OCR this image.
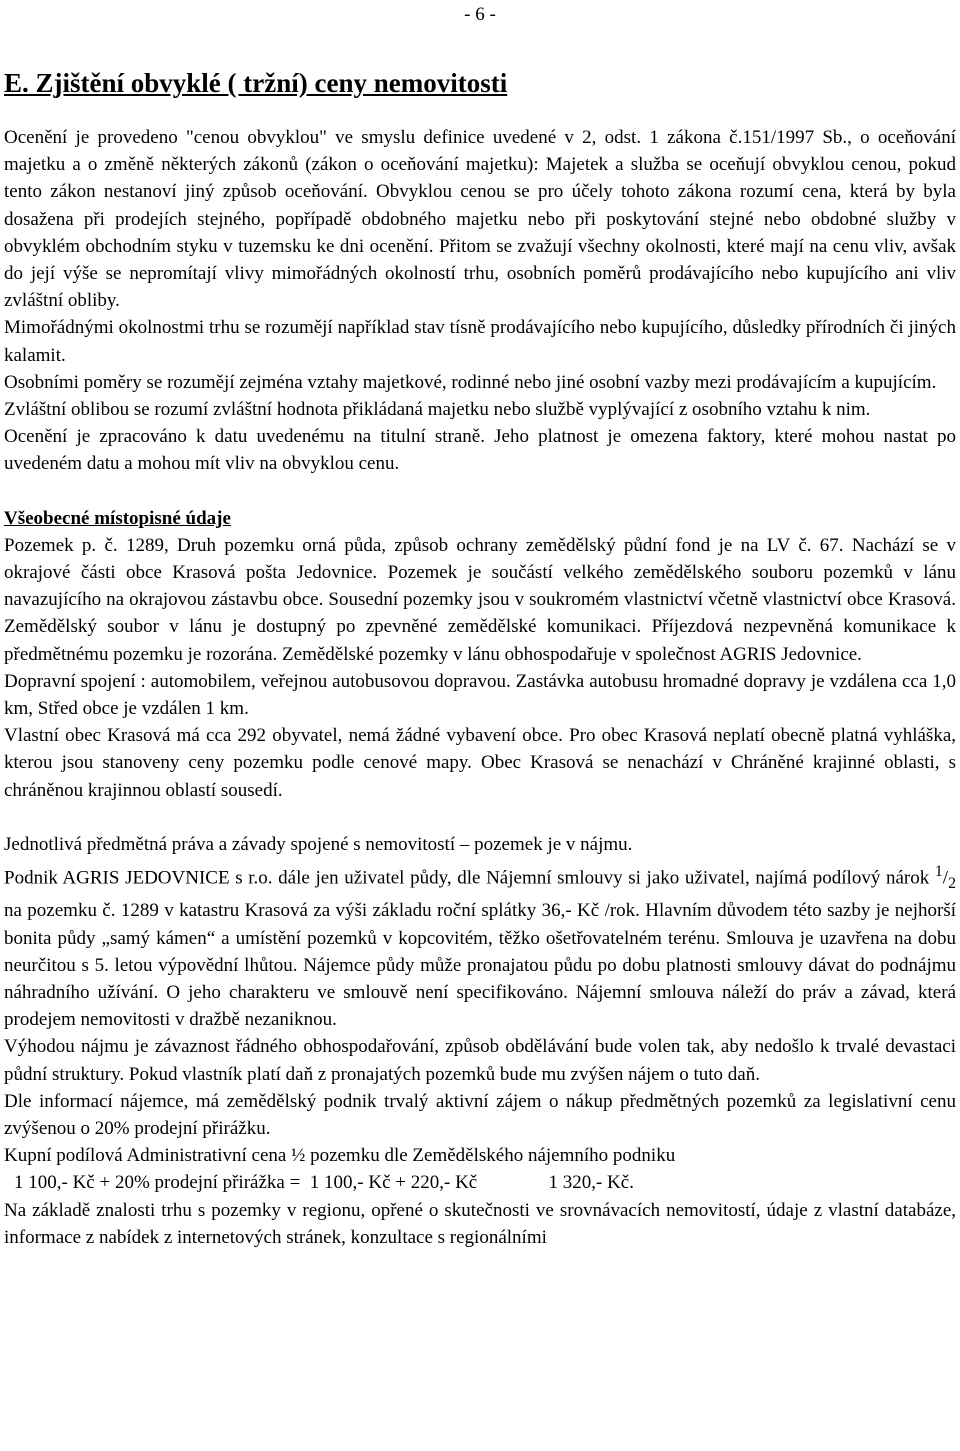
- 6 -
E. Zjištění obvyklé ( tržní) ceny nemovitosti

Ocenění je provedeno "cenou obvyklou" ve smyslu definice uvedené v 2, odst. 1 zákona č.151/1997 Sb., o oceňování majetku a o změně některých zákonů (zákon o oceňování majetku): Majetek a služba se oceňují obvyklou cenou, pokud tento zákon nestanoví jiný způsob oceňování. Obvyklou cenou se pro účely tohoto zákona rozumí cena, která by byla dosažena při prodejích stejného, popřípadě obdobného majetku nebo při poskytování stejné nebo obdobné služby v obvyklém obchodním styku v tuzemsku ke dni ocenění. Přitom se zvažují všechny okolnosti, které mají na cenu vliv, avšak do její výše se nepromítají vlivy mimořádných okolností trhu, osobních poměrů prodávajícího nebo kupujícího ani vliv zvláštní obliby.

Mimořádnými okolnostmi trhu se rozumějí například stav tísně prodávajícího nebo kupujícího, důsledky přírodních či jiných kalamit.

Osobními poměry se rozumějí zejména vztahy majetkové, rodinné nebo jiné osobní vazby mezi prodávajícím a kupujícím.

Zvláštní oblibou se rozumí zvláštní hodnota přikládaná majetku nebo službě vyplývající z osobního vztahu k nim.

Ocenění je zpracováno k datu uvedenému na titulní straně. Jeho platnost je omezena faktory, které mohou nastat po uvedeném datu a mohou mít vliv na obvyklou cenu.

Všeobecné místopisné údaje

Pozemek p. č. 1289, Druh pozemku orná půda, způsob ochrany zemědělský půdní fond je na LV č. 67. Nachází se v okrajové části obce Krasová pošta Jedovnice. Pozemek je součástí velkého zemědělského souboru pozemků v lánu navazujícího na okrajovou zástavbu obce. Sousední pozemky jsou v soukromém vlastnictví včetně vlastnictví obce Krasová. Zemědělský soubor v lánu je dostupný po zpevněné zemědělské komunikaci. Příjezdová nezpevněná komunikace k předmětnému pozemku je rozorána. Zemědělské pozemky v lánu obhospodařuje v společnost AGRIS Jedovnice.

Dopravní spojení : automobilem, veřejnou autobusovou dopravou. Zastávka autobusu hromadné dopravy je vzdálena cca 1,0 km, Střed obce je vzdálen 1 km.

Vlastní obec Krasová má cca 292 obyvatel, nemá žádné vybavení obce. Pro obec Krasová neplatí obecně platná vyhláška, kterou jsou stanoveny ceny pozemku podle cenové mapy. Obec Krasová se nenachází v Chráněné krajinné oblasti, s chráněnou krajinnou oblastí sousedí.

Jednotlivá předmětná práva a závady spojené s nemovitostí – pozemek je v nájmu.

Podnik AGRIS JEDOVNICE s r.o. dále jen uživatel půdy, dle Nájemní smlouvy si jako uživatel, najímá podílový nárok $^1/_2$ na pozemku č. 1289 v katastru Krasová za výši základu roční splátky 36,- Kč /rok. Hlavním důvodem této sazby je nejhorší bonita půdy „samý kámen“ a umístění pozemků v kopcovitém, těžko ošetřovatelném terénu. Smlouva je uzavřena na dobu neurčitou s 5. letou výpovědní lhůtou. Nájemce půdy může pronajatou půdu po dobu platnosti smlouvy dávat do podnájmu náhradního užívání. O jeho charakteru ve smlouvě není specifikováno. Nájemní smlouva náleží do práv a závad, která prodejem nemovitosti v dražbě nezaniknou.

Výhodou nájmu je závaznost řádného obhospodařování, způsob obdělávání bude volen tak, aby nedošlo k trvalé devastaci půdní struktury. Pokud vlastník platí daň z pronajatých pozemků bude mu zvýšen nájem o tuto daň.

Dle informací nájemce, má zemědělský podnik trvalý aktivní zájem o nákup předmětných pozemků za legislativní cenu zvýšenou o 20% prodejní přirážku.

Kupní podílová Administrativní cena ½ pozemku dle Zemědělského nájemního podniku

1 100,- Kč + 20% prodejní přirážka =  1 100,- Kč + 220,- Kč               1 320,- Kč.

Na základě znalosti trhu s pozemky v regionu, opřené o skutečnosti ve srovnávacích nemovitostí, údaje z vlastní databáze, informace z nabídek z internetových stránek, konzultace s regionálními
